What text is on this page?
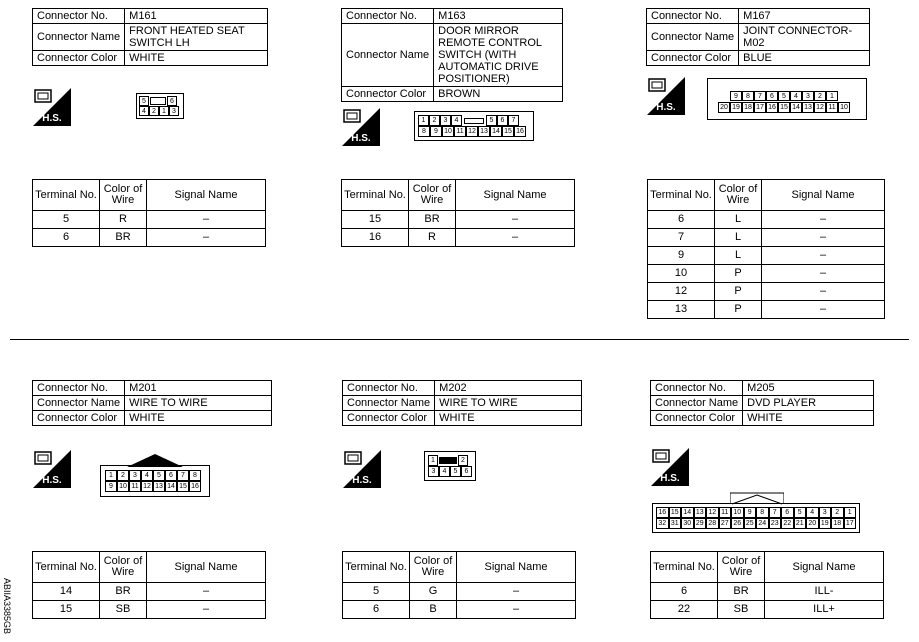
Connector No.	M161
Connector Name	FRONT HEATED SEAT SWITCH LH
Connector Color	WHITE
H.S.
5	6
4 2 1 3
Terminal No.	Color of Wire	Signal Name
5	R	–
6	BR	–
Connector No.	M163
Connector Name	DOOR MIRROR REMOTE CONTROL SWITCH (WITH AUTOMATIC DRIVE POSITIONER)
Connector Color	BROWN
H.S.
1	2	3	4	5	6	7
8	9 10 11 12 13 14 15 16
Terminal No.	Color of Wire	Signal Name
15	BR	–
16	R	–
Connector No.	M167
Connector Name	JOINT CONNECTOR-M02
Connector Color	BLUE
H.S.
9	8	7	6	5	4	3	2	1
20 19 18 17 16 15 14 13 12 11 10
Terminal No.	Color of Wire	Signal Name
6	L	–
7	L	–
9	L	–
10	P	–
12	P	–
13	P	–
Connector No.	M201
Connector Name	WIRE TO WIRE
Connector Color	WHITE
H.S.	1	2	3	4	5	6	7	8
9 10 11 12 13 14 15 16
Terminal No.	Color of Wire	Signal Name
14	BR	–
15	SB	–
Connector No.	M202
Connector Name	WIRE TO WIRE
Connector Color	WHITE
H.S.
1	2
3	4	5	6
Terminal No.	Color of Wire	Signal Name
5	G	–
6	B	–
Connector No.	M205
Connector Name	DVD PLAYER
Connector Color	WHITE
H.S.
16 15 14 13 12 11 10 9	8	7	6	5	4	3	2	1
32 31 30 29 28 27 26 25 24 23 22 21 20 19 18 17
Terminal No.	Color of Wire	Signal Name
6	BR	ILL-
22	SB	ILL+
ABIIA3385GB
